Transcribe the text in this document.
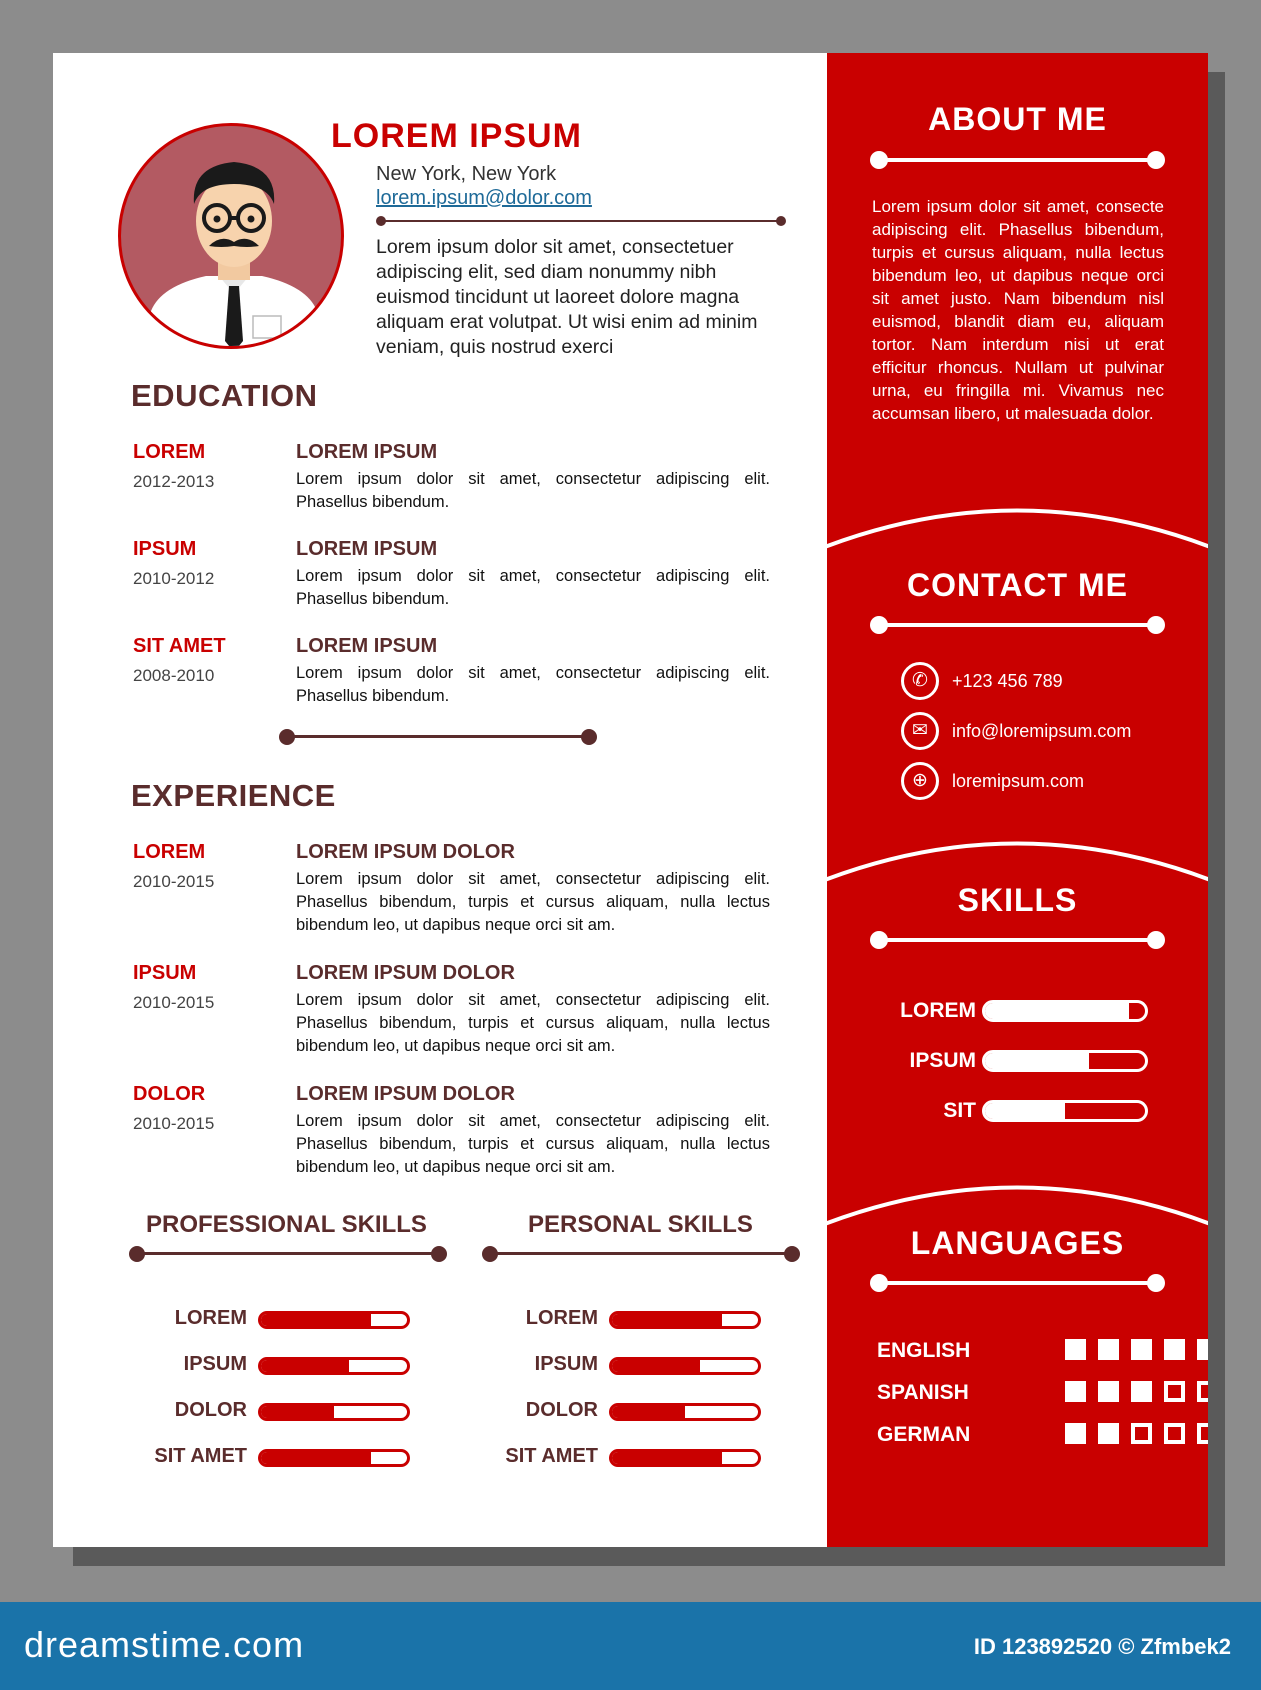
LOREM IPSUM
New York, New York
lorem.ipsum@dolor.com
Lorem ipsum dolor sit amet, consectetuer adipiscing elit, sed diam nonummy nibh euismod tincidunt ut laoreet dolore magna aliquam erat volutpat. Ut wisi enim ad minim veniam, quis nostrud exerci
EDUCATION
LOREM
2012-2013
LOREM IPSUM
Lorem ipsum dolor sit amet, consectetur adipiscing elit. Phasellus bibendum.
IPSUM
2010-2012
LOREM IPSUM
Lorem ipsum dolor sit amet, consectetur adipiscing elit. Phasellus bibendum.
SIT AMET
2008-2010
LOREM IPSUM
Lorem ipsum dolor sit amet, consectetur adipiscing elit. Phasellus bibendum.
EXPERIENCE
LOREM
2010-2015
LOREM IPSUM DOLOR
Lorem ipsum dolor sit amet, consectetur adipiscing elit. Phasellus bibendum, turpis et cursus aliquam, nulla lectus bibendum leo, ut dapibus neque orci sit am.
IPSUM
2010-2015
LOREM IPSUM DOLOR
Lorem ipsum dolor sit amet, consectetur adipiscing elit. Phasellus bibendum, turpis et cursus aliquam, nulla lectus bibendum leo, ut dapibus neque orci sit am.
DOLOR
2010-2015
LOREM IPSUM DOLOR
Lorem ipsum dolor sit amet, consectetur adipiscing elit. Phasellus bibendum, turpis et cursus aliquam, nulla lectus bibendum leo, ut dapibus neque orci sit am.
PROFESSIONAL SKILLS
LOREM
IPSUM
DOLOR
SIT AMET
PERSONAL SKILLS
LOREM
IPSUM
DOLOR
SIT AMET
ABOUT ME
Lorem ipsum dolor sit amet, consecte adipiscing elit. Phasellus bibendum, turpis et cursus aliquam, nulla lectus bibendum leo, ut dapibus neque orci sit amet justo. Nam bibendum nisl euismod, blandit diam eu, aliquam tortor. Nam interdum nisi ut erat efficitur rhoncus. Nullam ut pulvinar urna, eu fringilla mi. Vivamus nec accumsan libero, ut malesuada dolor.
CONTACT ME
✆	+123 456 789
✉	info@loremipsum.com
⊕	loremipsum.com
SKILLS
LOREM
IPSUM
SIT
LANGUAGES
ENGLISH
SPANISH
GERMAN
dreamstime.com	ID 123892520 © Zfmbek2
